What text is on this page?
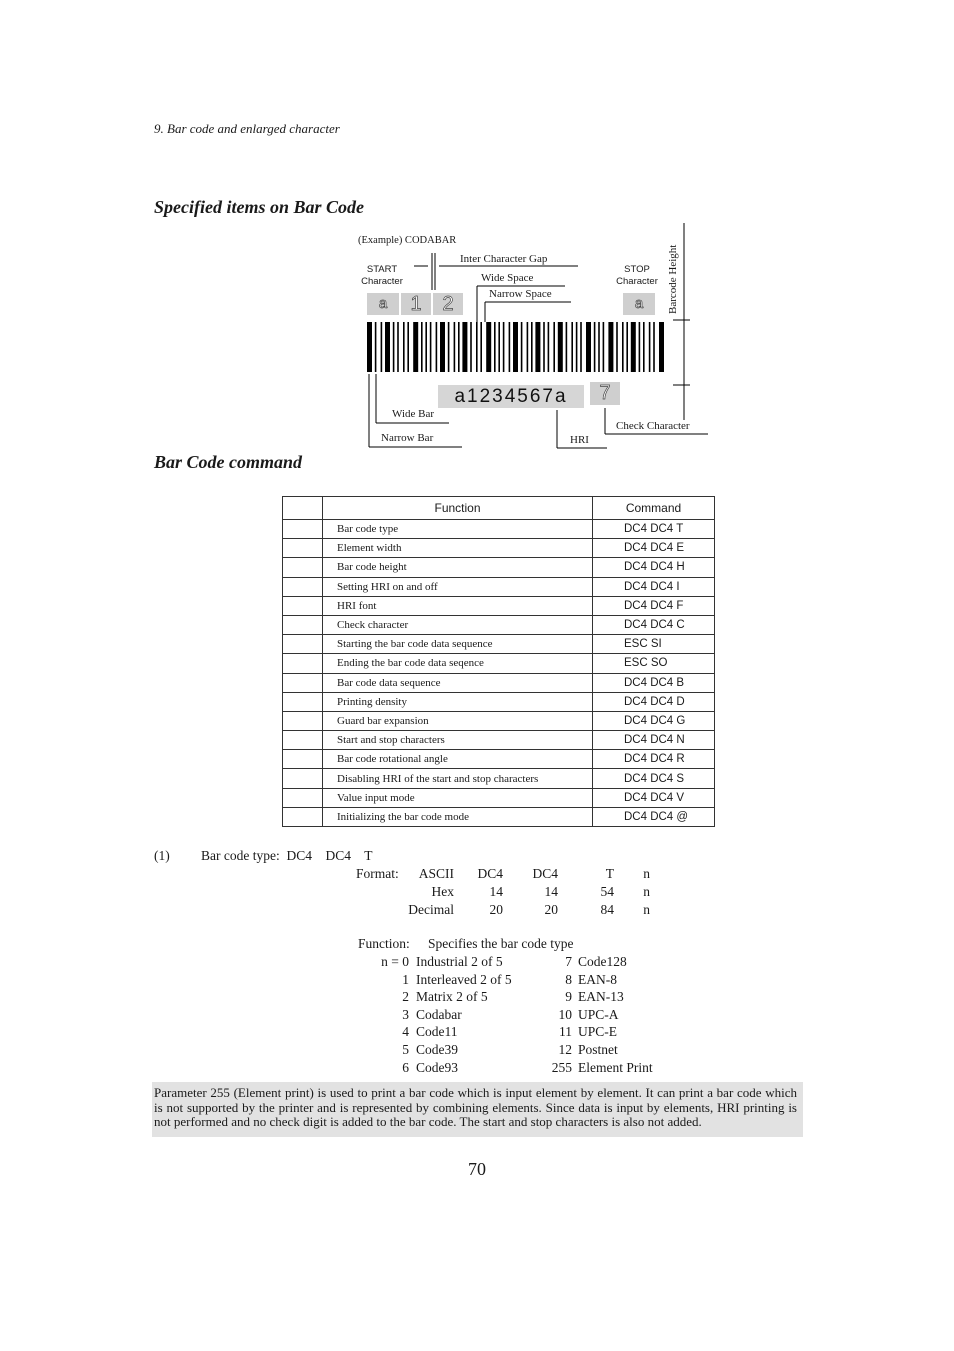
9. Bar code and enlarged character
Specified items on Bar Code
(Example) CODABAR
START
Character
STOP
Character
Inter Character Gap
Wide Space
Narrow Space	Barcode Height
Wide Bar
Narrow Bar	HRI
Check Character
a	1	2	a
7
a1234567a
Bar Code command
	Function	Command
	Bar code type	DC4 DC4 T
	Element width	DC4 DC4 E
	Bar code height	DC4 DC4 H
	Setting HRI on and off	DC4 DC4 I
	HRI font	DC4 DC4 F
	Check character	DC4 DC4 C
	Starting the bar code data sequence	ESC SI
	Ending the bar code data seqence	ESC SO
	Bar code data sequence	DC4 DC4 B
	Printing density	DC4 DC4 D
	Guard bar expansion	DC4 DC4 G
	Start and stop characters	DC4 DC4 N
	Bar code rotational angle	DC4 DC4 R
	Disabling HRI of the start and stop characters	DC4 DC4 S
	Value input mode	DC4 DC4 V
	Initializing the bar code mode	DC4 DC4 @
(1) Bar code type:  DC4    DC4    T
Format: ASCII DC4 DC4	T n
Hex	14	14	54 n
Decimal	20	20	84 n
Function: Specifies the bar code type
n = 0 Industrial 2 of 5	7 Code128
1 Interleaved 2 of 5	8 EAN-8
2 Matrix 2 of 5	9 EAN-13
3 Codabar	10 UPC-A
4 Code11	11 UPC-E
5 Code39	12 Postnet
6 Code93	255 Element Print
Parameter 255 (Element print) is used to print a bar code which is input element by element. It can print a bar code which is not supported by the printer and is represented by combining elements. Since data is input by elements, HRI printing is not performed and no check digit is added to the bar code. The start and stop characters is also not added.
70
